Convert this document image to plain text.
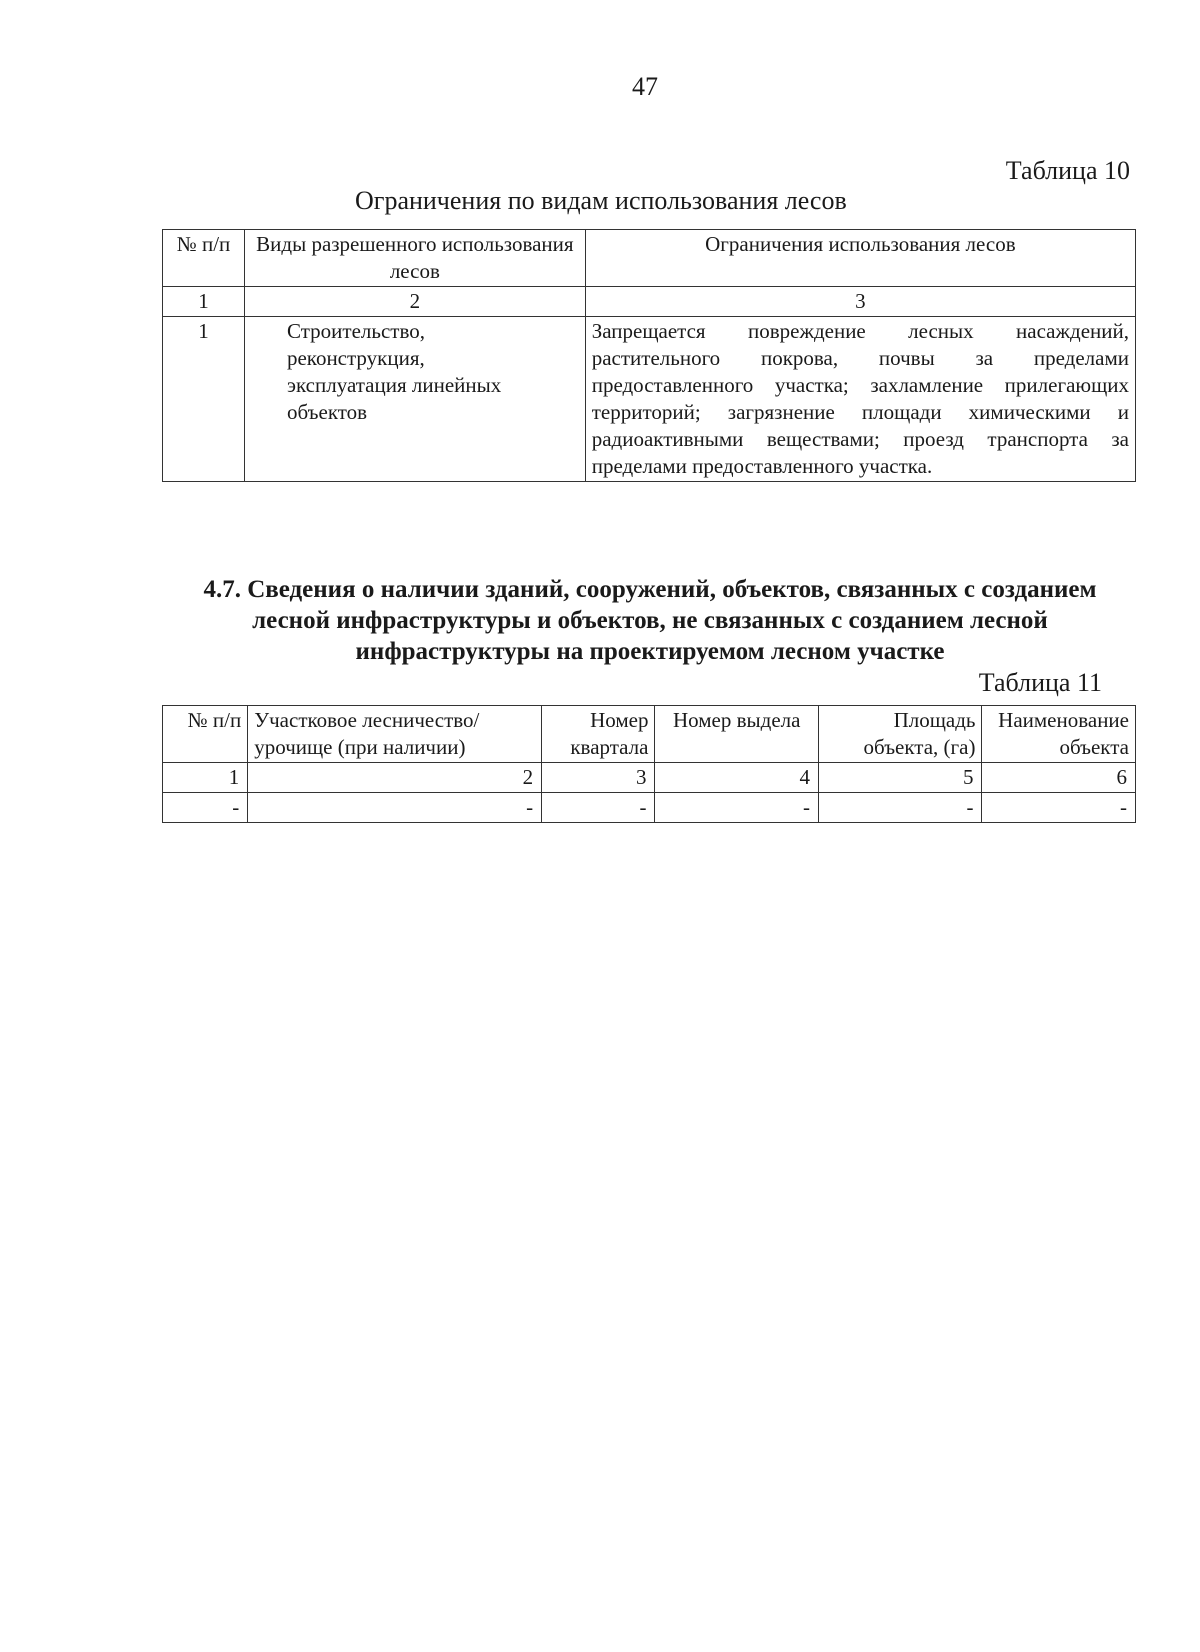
47
Таблица 10
Ограничения по видам использования лесов
№ п/п	Виды разрешенного использования лесов	Ограничения использования лесов
1	2	3
1	Строительство, реконструкция, эксплуатация линейных объектов	Запрещается повреждение лесных насаждений, растительного покрова, почвы за пределами предоставленного участка; захламление прилегающих территорий; загрязнение площади химическими и радиоактивными веществами; проезд транспорта за пределами предоставленного участка.
4.7. Сведения о наличии зданий, сооружений, объектов, связанных с созданием лесной инфраструктуры и объектов, не связанных с созданием лесной инфраструктуры на проектируемом лесном участке
Таблица 11
№ п/п	Участковое лесничество/ урочище (при наличии)	Номер квартала	Номер выдела	Площадь объекта, (га)	Наименование объекта
1	2	3	4	5	6
-	-	-	-	-	-
